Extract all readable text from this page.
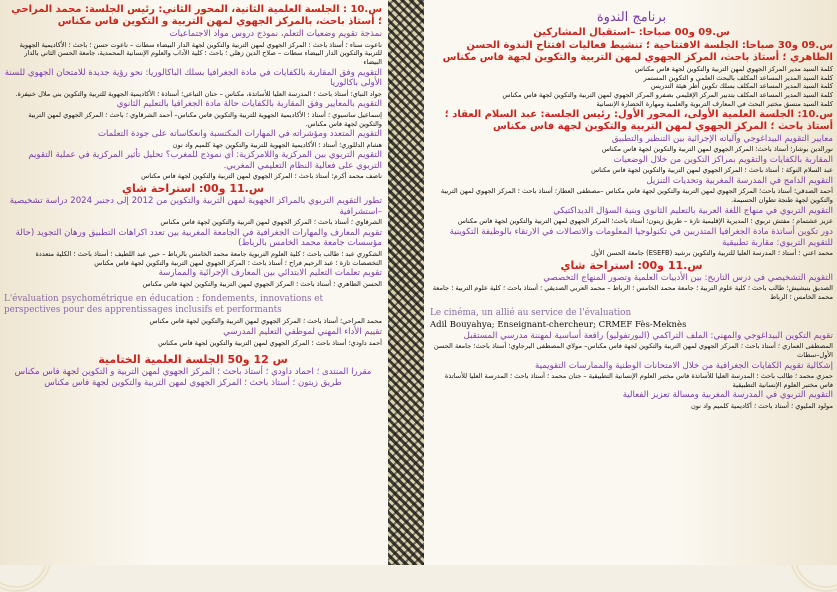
س.10 : الجلسة العلمية الثانية، المحور الثاني: رئيس الجلسة: محمد المراحي ؛ أستاذ باحث، بالمركز الجهوي لمهن التربية و التكوين فاس مكناس
نمذجة تقويم وضعيات التعلم، نموذج دروس مواد الاجتماعيات
ناعوت سناء ؛ أستاذ باحث ؛ المركز الجهوي لمهن التربية والتكوين لجهة الدار البيضاء سطات – ناعوت حسن ؛ باحث ؛ الأكاديمية الجهوية للتربية والتكوين الدار البيضاء سطات – صلاح الدين زهلي ؛ باحث ؛ كلية الآداب والعلوم الإنسانية المحمدية، جامعة الحسن الثاني بالدار البيضاء
التقويم وفق المقاربة بالكفايات في مادة الجغرافيا بسلك الباكالوريا: نحو رؤية جديدة للامتحان الجهوي للسنة الأولى باكالوريا
جواد النباي؛ أستاذ باحث ؛ المدرسة العليا للأساتذة، مكناس – حنان التباعي؛ أستاذة ؛ الأكاديمية الجهوية للتربية والتكوين بني ملال خنيفرة.
التقويم بالمعايير وفق المقاربة بالكفايات حالة مادة الجغرافيا بالتعليم الثانوي
إسماعيل ساسيوي ؛ أستاذ ؛ الأكاديمية الجهوية للتربية والتكوين فاس مكناس– أحمد الشرقاوي ؛ باحث ؛ المركز الجهوي لمهن التربية والتكوين لجهة فاس مكناس.
التقويم المتعدد ومؤشراته في المهارات المكتسبة وانعكاساته على جودة التعلمات
هشام الدللوري؛ أستاذ ؛ الأكاديمية الجهوية للتربية والتكوين جهة كلميم واد نون
التقويم التربوي بين المركزية واللامركزية: أي نموذج للمغرب؟ تحليل تأثير المركزية في عملية التقويم التربوي على فعالية النظام التعليمي المغربي.
ناصف محمد أكرم؛ أستاذ باحث ؛ المركز الجهوي لمهن التربية والتكوين لجهة فاس مكناس
س.11 و00: استراحة شاي
تطور التقويم التربوي بالمراكز الجهوية لمهن التربية والتكوين من 2012 إلى دجنبر 2024 دراسة تشخيصية –استشرافية
الشرقاوي ؛ أستاذ باحث ؛ المركز الجهوي لمهن التربية والتكوين لجهة فاس مكناس
تقويم المعارف والمهارات الجغرافية في الجامعة المغربية بين تعدد اكراهات التطبيق ورهان التجويد (حالة مؤسسات جامعة محمد الخامس بالرباط)
الشكوري عبد ؛ طالب باحث ؛ كلية العلوم التربوية جامعة محمد الخامس بالرباط – حيي عبد اللطيف ؛ أستاذ باحث ؛ الكلية متعددة التخصصات تازة ؛ عبد الرحيم فراح ؛ أستاذ باحث ؛ المركز الجهوي لمهن التربية والتكوين لجهة فاس مكناس
تقويم تعلمات التعليم الابتدائي بين المعارف الإجرائية والممارسة
الحسن الطاهري ؛ أستاذ باحث ؛ المركز الجهوي لمهن التربية والتكوين لجهة فاس مكناس
L'évaluation psychométrique en éducation : fondements, innovations et perspectives pour des apprentissages inclusifs et performants
محمد المراحي؛ أستاذ باحث ؛ المركز الجهوي لمهن التربية والتكوين لجهة فاس مكناس
تقييم الأداء المهني لموظفي التعليم المدرسي
أحمد داودي؛ أستاذ باحث ؛ المركز الجهوي لمهن التربية والتكوين لجهة فاس مكناس
س 12 و50 الجلسة العلمية الختامية
مقررا المنتدى ؛ احماد داودي ؛ أستاذ باحث ؛ المركز الجهوي لمهن التربية و التكوين لجهة فاس مكناس طريق زيتون ؛ أستاذ باحث ؛ المركز الجهوي لمهن التربية والتكوين لجهة فاس مكناس
برنامج الندوة
س.09 و00 صباحا: –استقبال المشاركين
س.09 و30 صباحا: الجلسة الافتتاحية ؛ تنشيط فعاليات افتتاح الندوة الحسن الطاهري ؛ أستاذ باحث، المركز الجهوي لمهن التربية والتكوين لجهة فاس مكناس
كلمة السيد مدير المركز الجهوي لمهن التربية والتكوين لجهة فاس مكناس
كلمة السيد المدير المساعد المكلف بالبحث العلمي و التكوين المستمر
كلمة السيد المدير المساعد المكلف بسلك تكوين أطر هيئة التدريس
كلمة السيد المدير المساعد المكلف بتدبير المركز الإقليمي بصفرو المركز الجهوي لمهن التربية والتكوين لجهة فاس مكناس
كلمة السيد منسق مختبر البحث في المعارف التربوية والعلمية ومهارة الحضارة الإنسانية
س.10: الجلسة العلمية الأولى، المحور الأول: رئيس الجلسة: عبد السلام العقاد ؛ أستاذ باحث ؛ المركز الجهوي لمهن التربية والتكوين لجهة فاس مكناس
معايير التقويم البيداغوجي وآلياته الإجرائية بين التنظير والتطبيق
نورالدين بوشار؛ أستاذ باحث؛ المركز الجهوي لمهن التربية والتكوين لجهة فاس مكناس
المقاربة بالكفايات والتقويم بمراكز التكوين من خلال الوضعيات
عبد السلام النوكة ؛ أستاذ باحث ؛ المركز الجهوي لمهن التربية والتكوين لجهة فاس مكناس
التقويم الدامج في المدرسة المغربية وتحديات التنزيل
أحمد الصدقي؛ أستاذ باحث؛ المركز الجهوي لمهن التربية والتكوين لجهة فاس مكناس –مصطفى العطار؛ أستاذ باحث ؛ المركز الجهوي لمهن التربية والتكوين لجهة طنجة تطوان الحسيمة.
التقويم التربوي في منهاج اللغة العربية بالتعليم الثانوي وبنية السؤال الديداكتيكي
عزيز عشتمام ؛ مفتش تربوي ؛ المديرية الإقليمية تازة – طريق زيتون؛ أستاذ باحث؛ المركز الجهوي لمهن التربية والتكوين لجهة فاس مكناس
دور تكوين أساتذة مادة الجغرافيا المتدربين في تكنولوجيا المعلومات والاتصالات في الارتقاء بالوظيفة التكوينية للتقويم التربوي: مقاربة تطبيقية
محمد اعني ؛ أستاذ ؛ المدرسة العليا للتربية والتكوين برشيد (ESEFB) جامعة الحسن الأول
س.11 و00: استراحة شاي
التقويم التشخيصي في درس التاريخ: بين الأدبيات العلمية وتصور المنهاج التخصصي
الصديق بنبشيش؛ طالب باحث ؛ كلية علوم التربية ؛ جامعة محمد الخامس ؛ الرباط – محمد العربي الصديقي ؛ أستاذ باحث ؛ كلية علوم التربية ؛ جامعة محمد الخامس ؛ الرباط
Le cinéma, un allié au service de l'évaluation
Adil Bouyahya; Enseignant-chercheur; CRMEF Fès-Meknès
تقويم التكوين البيداغوجي والمهني: الملف التراكمي (البورتفوليو) رافعة أساسية لمهننة مدرسي المستقبل
المصطفى العماري ؛ أستاذ باحث ؛ المركز الجهوي لمهن التربية والتكوين لجهة فاس مكناس– مولاي المصطفى البرجاوي؛ أستاذ باحث؛ جامعة الحسن الأول–سطات
إشكالية تقويم الكفايات الجغرافية من خلال الامتحانات الوطنية والممارسات التقويمية
حمزي محمد ؛ طالب باحث ؛ المدرسة العليا للأساتذة فاس مختبر العلوم الإنسانية التطبيقية – جنان محمد ؛ أستاذ باحث ؛ المدرسة العليا للأساتذة فاس مختبر العلوم الإنسانية التطبيقية
التقويم التربوي في المدرسة المغربية ومسالة تعزيز الفعالية
مولود المليوي ؛ أستاذ باحث ؛ أكاديمية كلميم واد نون
